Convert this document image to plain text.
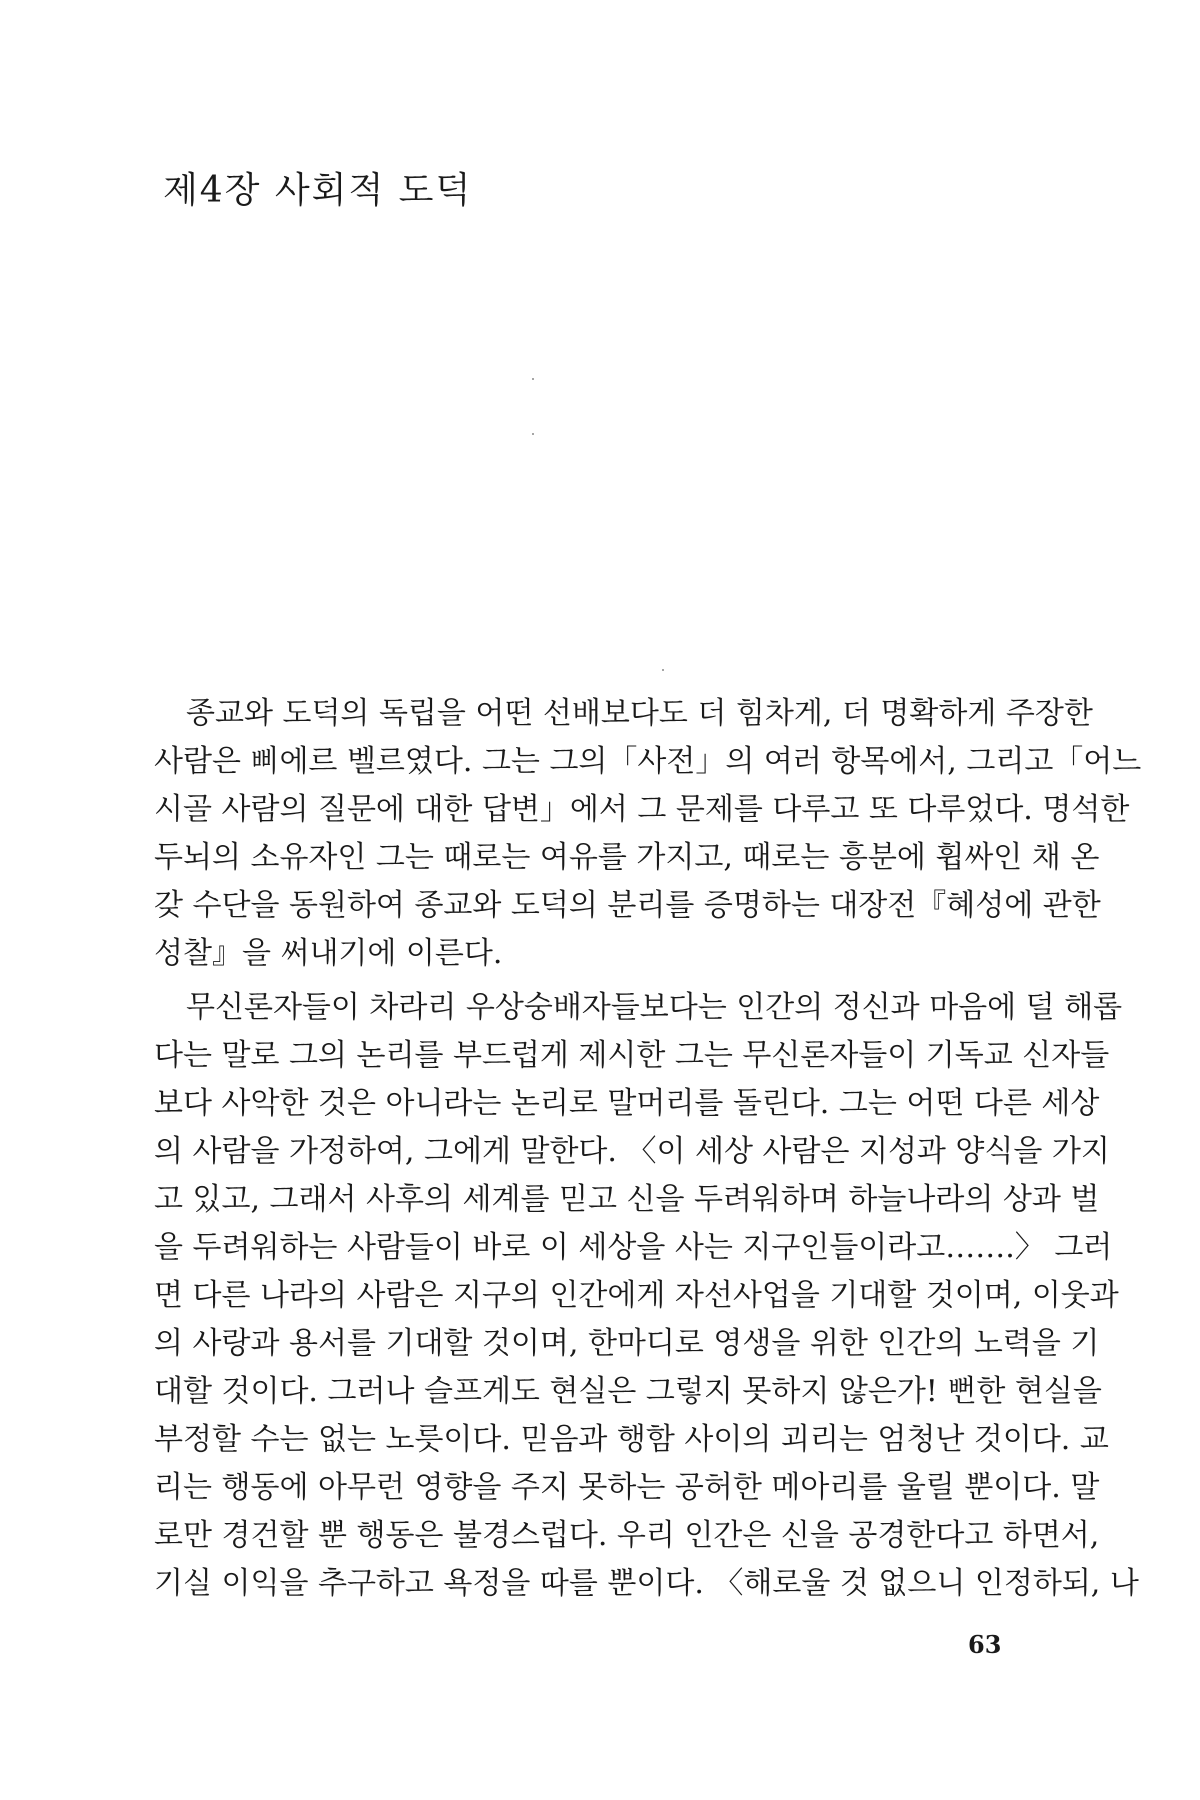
제4장 사회적 도덕
종교와 도덕의 독립을 어떤 선배보다도 더 힘차게, 더 명확하게 주장한
사람은 삐에르 벨르였다. 그는 그의「사전」의 여러 항목에서, 그리고「어느
시골 사람의 질문에 대한 답변」에서 그 문제를 다루고 또 다루었다. 명석한
두뇌의 소유자인 그는 때로는 여유를 가지고, 때로는 흥분에 휩싸인 채 온
갖 수단을 동원하여 종교와 도덕의 분리를 증명하는 대장전『혜성에 관한
성찰』을 써내기에 이른다.
무신론자들이 차라리 우상숭배자들보다는 인간의 정신과 마음에 덜 해롭
다는 말로 그의 논리를 부드럽게 제시한 그는 무신론자들이 기독교 신자들
보다 사악한 것은 아니라는 논리로 말머리를 돌린다. 그는 어떤 다른 세상
의 사람을 가정하여, 그에게 말한다. 〈이 세상 사람은 지성과 양식을 가지
고 있고, 그래서 사후의 세계를 믿고 신을 두려워하며 하늘나라의 상과 벌
을 두려워하는 사람들이 바로 이 세상을 사는 지구인들이라고…….〉 그러
면 다른 나라의 사람은 지구의 인간에게 자선사업을 기대할 것이며, 이웃과
의 사랑과 용서를 기대할 것이며, 한마디로 영생을 위한 인간의 노력을 기
대할 것이다. 그러나 슬프게도 현실은 그렇지 못하지 않은가! 뻔한 현실을
부정할 수는 없는 노릇이다. 믿음과 행함 사이의 괴리는 엄청난 것이다. 교
리는 행동에 아무런 영향을 주지 못하는 공허한 메아리를 울릴 뿐이다. 말
로만 경건할 뿐 행동은 불경스럽다. 우리 인간은 신을 공경한다고 하면서,
기실 이익을 추구하고 욕정을 따를 뿐이다. 〈해로울 것 없으니 인정하되, 나
63
